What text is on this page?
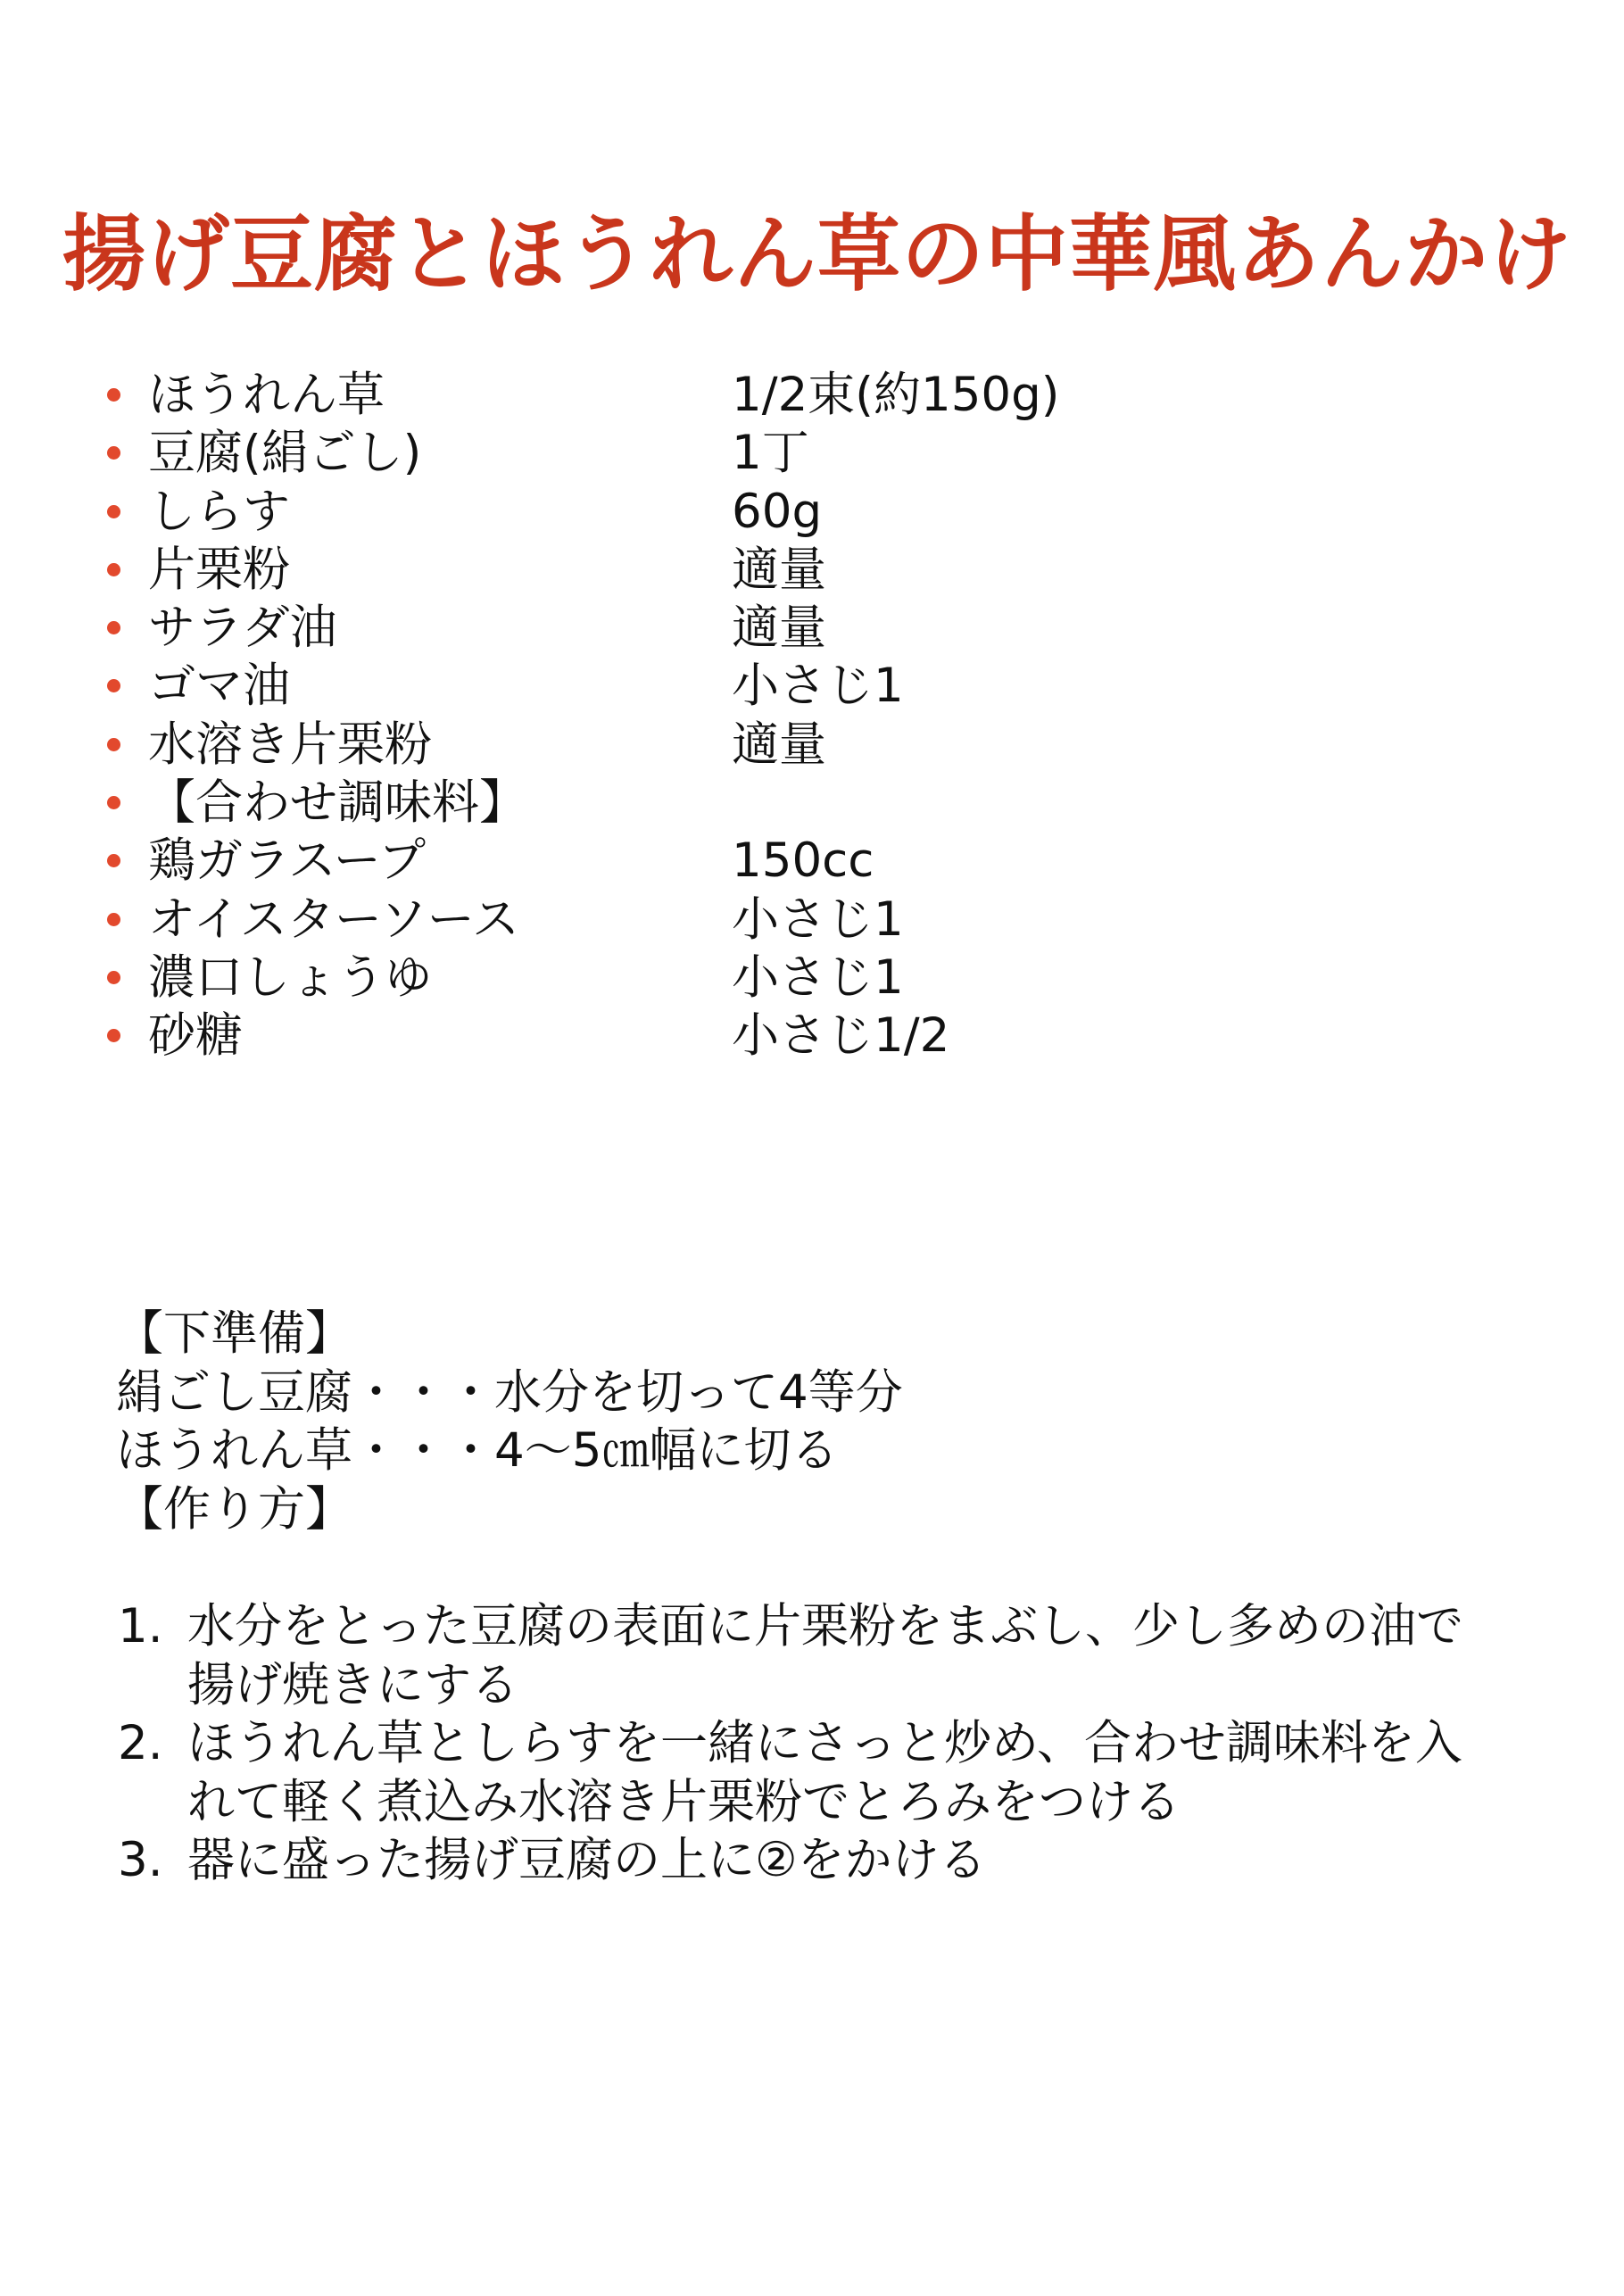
揚げ豆腐とほうれん草の中華風あんかけ
ほうれん草	1/2束(約150g)
豆腐(絹ごし)	1丁
しらす	60g
片栗粉	適量
サラダ油	適量
ゴマ油	小さじ1
水溶き片栗粉	適量
【合わせ調味料】
鶏ガラスープ	150cc
オイスターソース	小さじ1
濃口しょうゆ	小さじ1
砂糖	小さじ1/2
【下準備】
絹ごし豆腐・・・水分を切って4等分
ほうれん草・・・4～5㎝幅に切る
【作り方】
1. 水分をとった豆腐の表面に片栗粉をまぶし、少し多めの油で
揚げ焼きにする
2. ほうれん草としらすを一緒にさっと炒め、合わせ調味料を入
れて軽く煮込み水溶き片栗粉でとろみをつける
3. 器に盛った揚げ豆腐の上に②をかける
